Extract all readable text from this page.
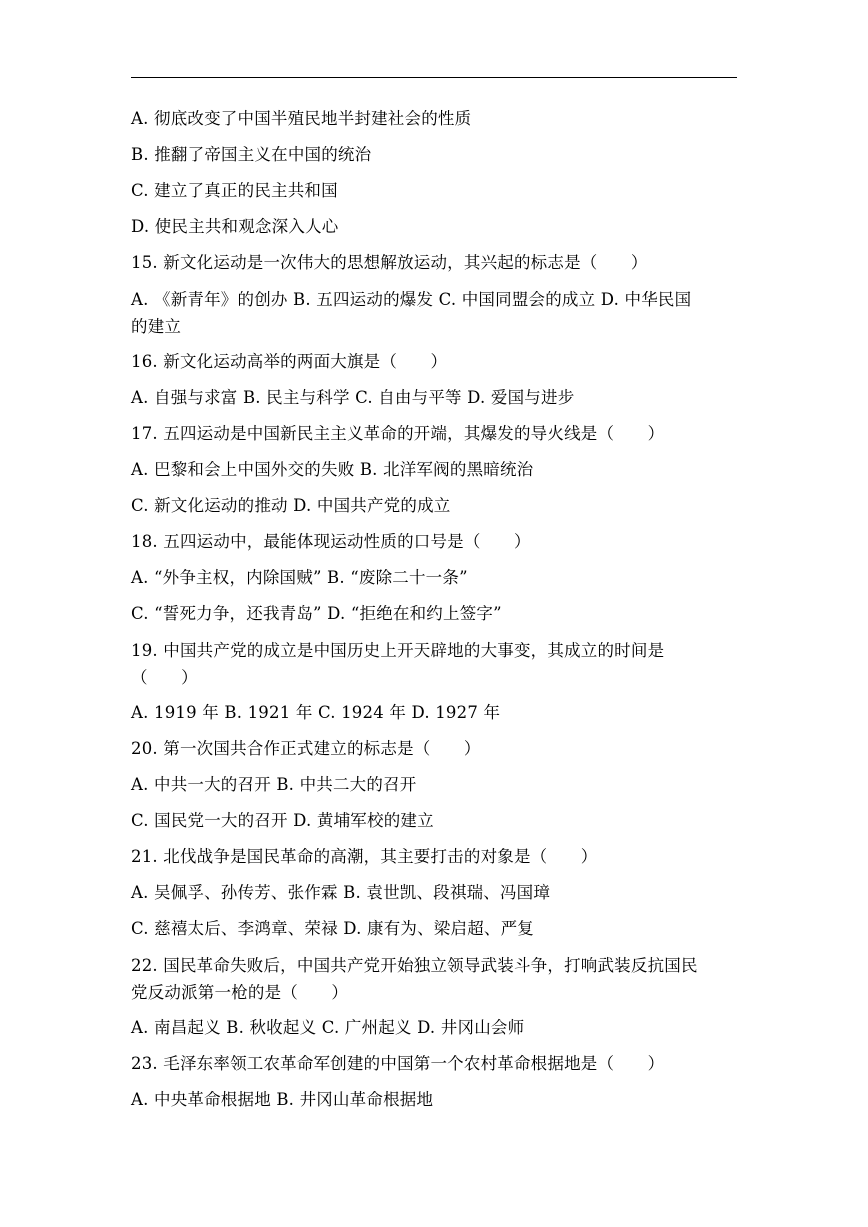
A. 彻底改变了中国半殖民地半封建社会的性质
B. 推翻了帝国主义在中国的统治
C. 建立了真正的民主共和国
D. 使民主共和观念深入人心
15. 新文化运动是一次伟大的思想解放运动，其兴起的标志是（　　）
A. 《新青年》的创办 B. 五四运动的爆发 C. 中国同盟会的成立 D. 中华民国
的建立
16. 新文化运动高举的两面大旗是（　　）
A. 自强与求富 B. 民主与科学 C. 自由与平等 D. 爱国与进步
17. 五四运动是中国新民主主义革命的开端，其爆发的导火线是（　　）
A. 巴黎和会上中国外交的失败 B. 北洋军阀的黑暗统治
C. 新文化运动的推动 D. 中国共产党的成立
18. 五四运动中，最能体现运动性质的口号是（　　）
A. “外争主权，内除国贼” B. “废除二十一条”
C. “誓死力争，还我青岛” D. “拒绝在和约上签字”
19. 中国共产党的成立是中国历史上开天辟地的大事变，其成立的时间是
（　　）
A. 1919 年 B. 1921 年 C. 1924 年 D. 1927 年
20. 第一次国共合作正式建立的标志是（　　）
A. 中共一大的召开 B. 中共二大的召开
C. 国民党一大的召开 D. 黄埔军校的建立
21. 北伐战争是国民革命的高潮，其主要打击的对象是（　　）
A. 吴佩孚、孙传芳、张作霖 B. 袁世凯、段祺瑞、冯国璋
C. 慈禧太后、李鸿章、荣禄 D. 康有为、梁启超、严复
22. 国民革命失败后，中国共产党开始独立领导武装斗争，打响武装反抗国民
党反动派第一枪的是（　　）
A. 南昌起义 B. 秋收起义 C. 广州起义 D. 井冈山会师
23. 毛泽东率领工农革命军创建的中国第一个农村革命根据地是（　　）
A. 中央革命根据地 B. 井冈山革命根据地
